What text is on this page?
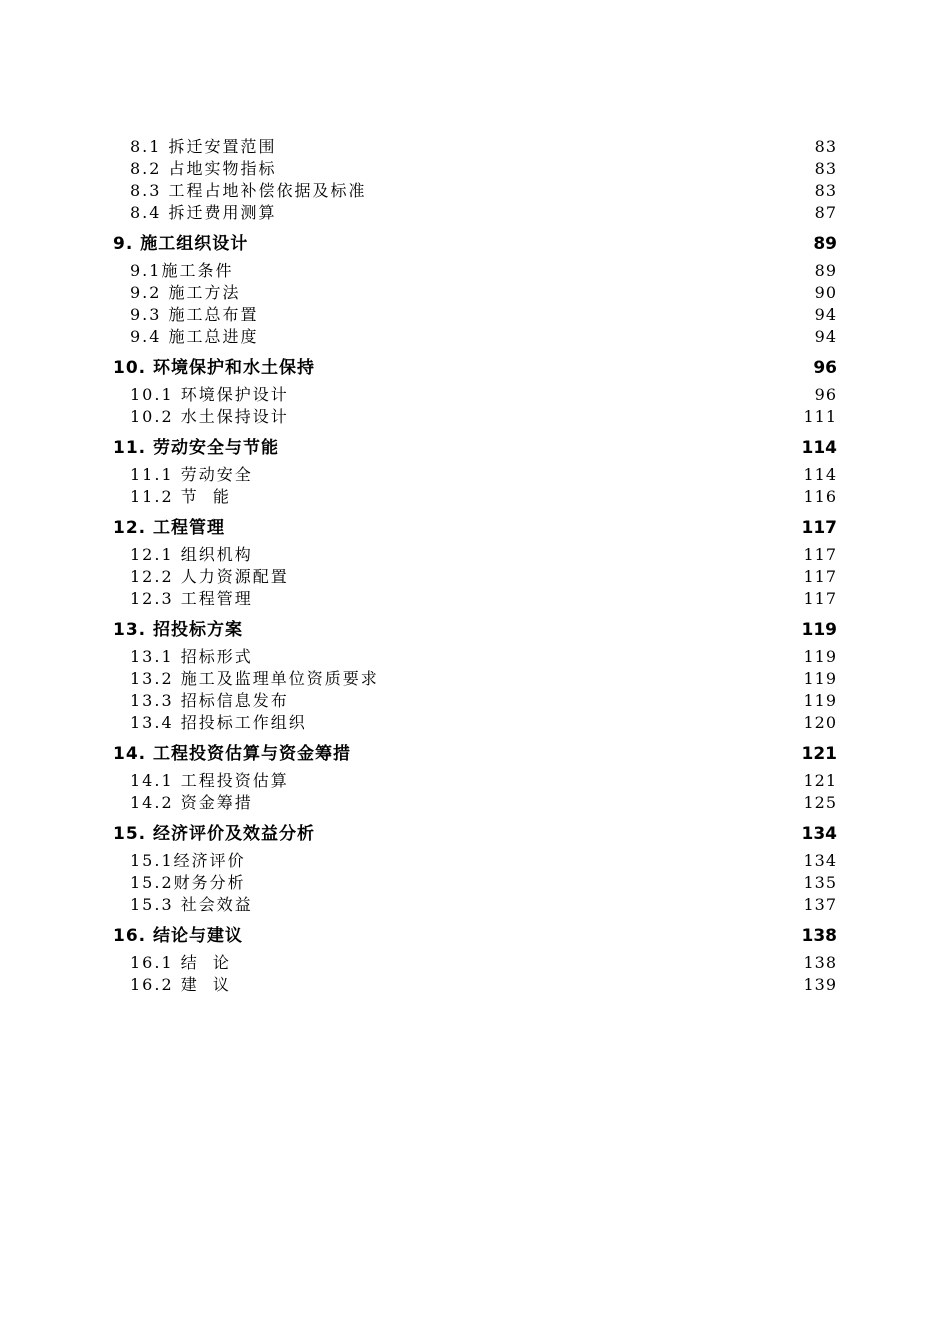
8.1 拆迁安置范围	83
8.2 占地实物指标	83
8.3 工程占地补偿依据及标准	83
8.4 拆迁费用测算	87
9. 施工组织设计	89
9.1施工条件	89
9.2 施工方法	90
9.3 施工总布置	94
9.4 施工总进度	94
10. 环境保护和水土保持	96
10.1 环境保护设计	96
10.2 水土保持设计	111
11. 劳动安全与节能	114
11.1 劳动安全	114
11.2 节  能	116
12. 工程管理	117
12.1 组织机构	117
12.2 人力资源配置	117
12.3 工程管理	117
13. 招投标方案	119
13.1 招标形式	119
13.2 施工及监理单位资质要求	119
13.3 招标信息发布	119
13.4 招投标工作组织	120
14. 工程投资估算与资金筹措	121
14.1 工程投资估算	121
14.2 资金筹措	125
15. 经济评价及效益分析	134
15.1经济评价	134
15.2财务分析	135
15.3 社会效益	137
16. 结论与建议	138
16.1 结  论	138
16.2 建  议	139
